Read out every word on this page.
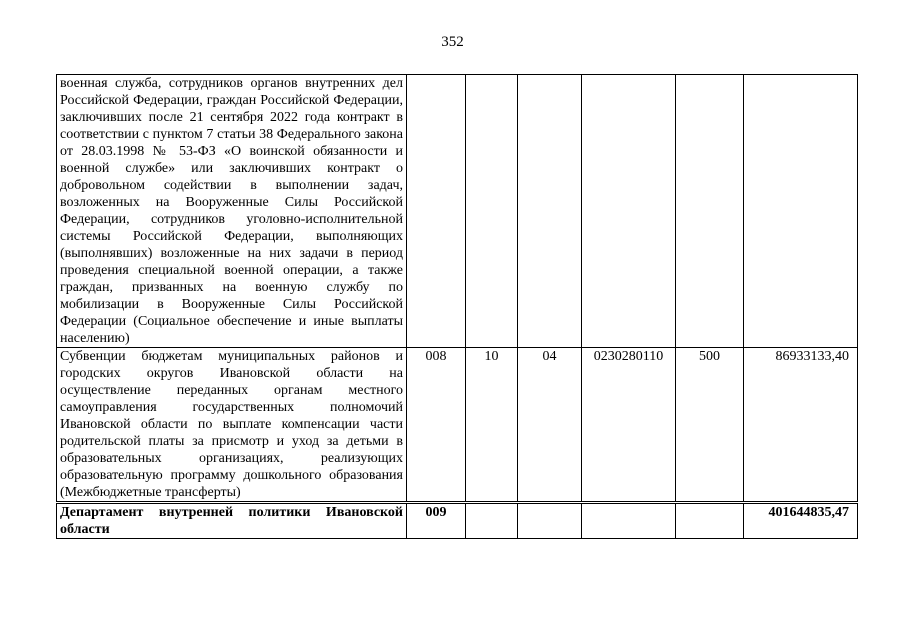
352
военная служба, сотрудников органов внутренних дел Российской Федерации, граждан Российской Федерации, заключивших после 21 сентября 2022 года контракт в соответствии с пунктом 7 статьи 38 Федерального закона от 28.03.1998 № 53-ФЗ «О воинской обязанности и военной службе» или заключивших контракт о добровольном содействии в выполнении задач, возложенных на Вооруженные Силы Российской Федерации, сотрудников уголовно-исполнительной системы Российской Федерации, выполняющих (выполнявших) возложенные на них задачи в период проведения специальной военной операции, а также граждан, призванных на военную службу по мобилизации в Вооруженные Силы Российской Федерации (Социальное обеспечение и иные выплаты населению)						
Субвенции бюджетам муниципальных районов и городских округов Ивановской области на осуществление переданных органам местного самоуправления государственных полномочий Ивановской области по выплате компенсации части родительской платы за присмотр и уход за детьми в образовательных организациях, реализующих образовательную программу дошкольного образования (Межбюджетные трансферты)	008	10	04	0230280110	500	86933133,40
Департамент внутренней политики Ивановской области	009					401644835,47
